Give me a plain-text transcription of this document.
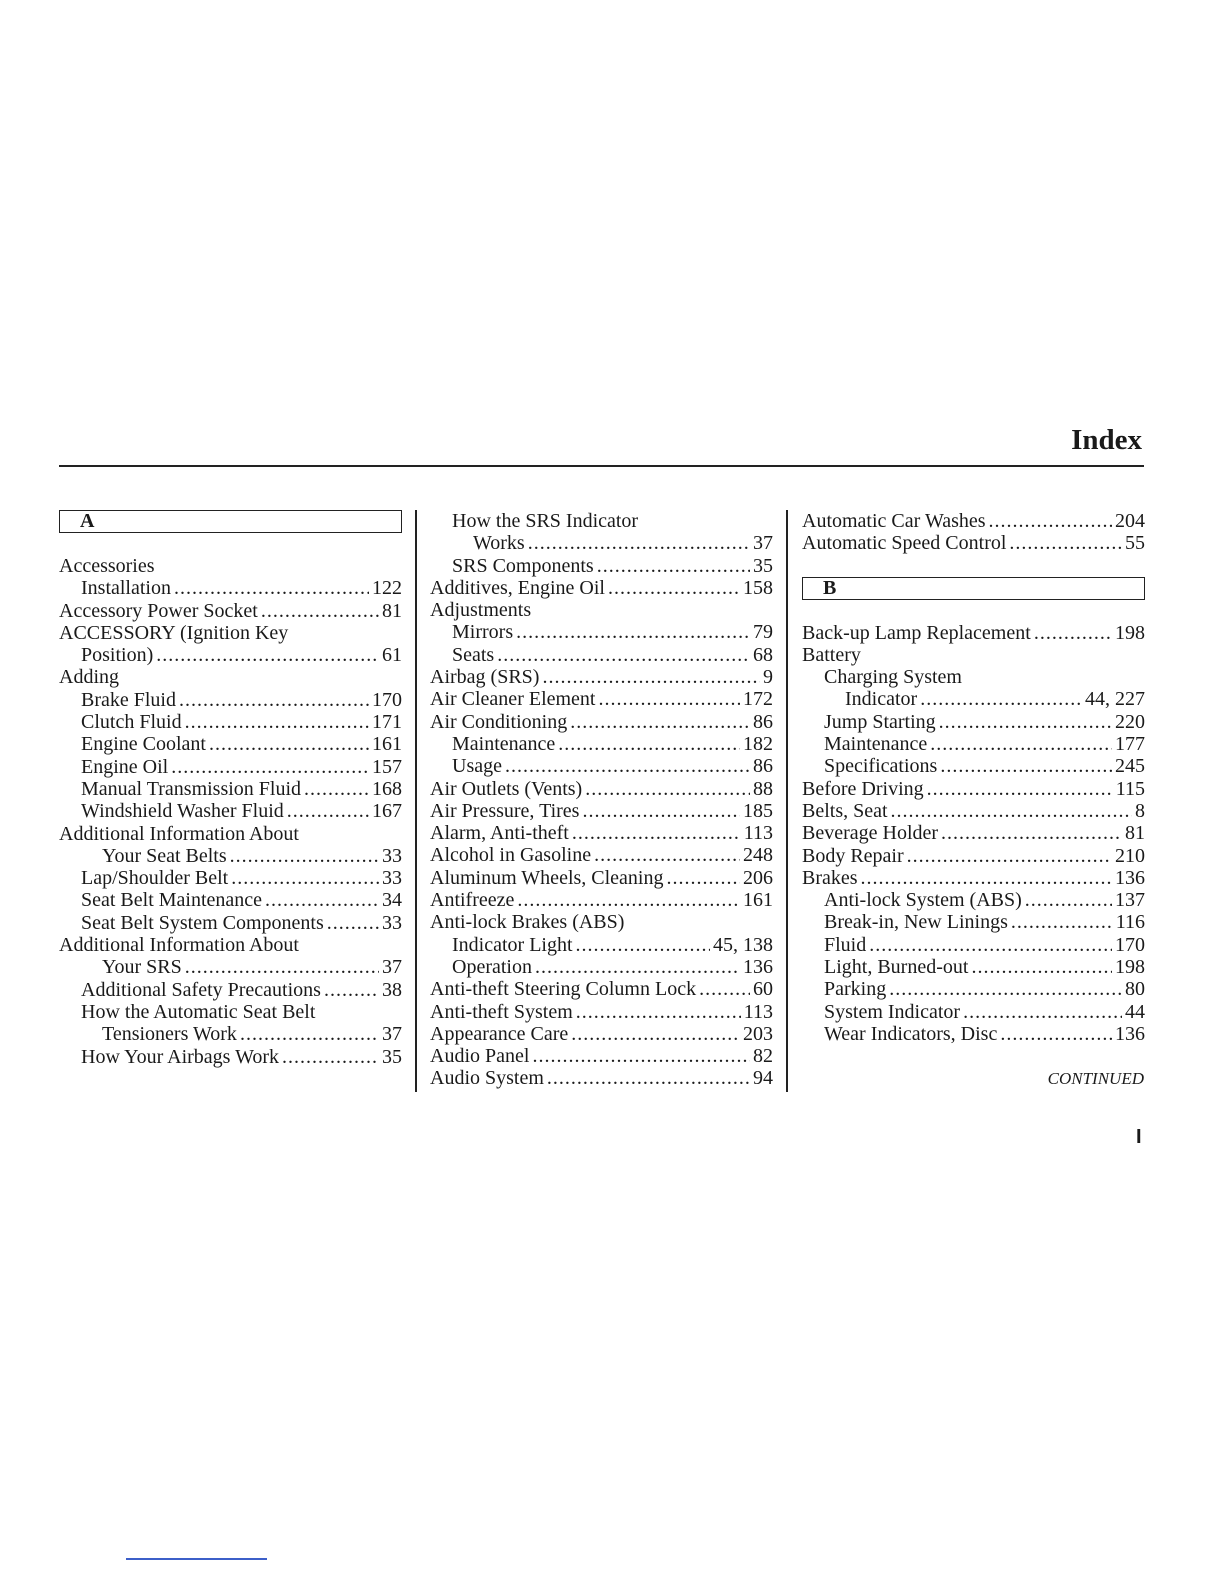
Index
A
Accessories
Installation .....	122
Accessory Power Socket .....	81
ACCESSORY (Ignition Key
Position) .....	61
Adding
Brake Fluid .....	170
Clutch Fluid .....	171
Engine Coolant .....	161
Engine Oil .....	157
Manual Transmission Fluid .....	168
Windshield Washer Fluid .....	167
Additional Information About
Your Seat Belts .....	33
Lap/Shoulder Belt .....	33
Seat Belt Maintenance .....	34
Seat Belt System Components .....	33
Additional Information About
Your SRS .....	37
Additional Safety Precautions .....	38
How the Automatic Seat Belt
Tensioners Work .....	37
How Your Airbags Work .....	35
How the SRS Indicator
Works .....	37
SRS Components .....	35
Additives, Engine Oil .....	158
Adjustments
Mirrors .....	79
Seats .....	68
Airbag (SRS) .....	9
Air Cleaner Element .....	172
Air Conditioning .....	86
Maintenance .....	182
Usage .....	86
Air Outlets (Vents) .....	88
Air Pressure, Tires .....	185
Alarm, Anti-theft .....	113
Alcohol in Gasoline .....	248
Aluminum Wheels, Cleaning .....	206
Antifreeze .....	161
Anti-lock Brakes (ABS)
Indicator Light .....	45, 138
Operation .....	136
Anti-theft Steering Column Lock .....	60
Anti-theft System .....	113
Appearance Care .....	203
Audio Panel .....	82
Audio System .....	94
Automatic Car Washes .....	204
Automatic Speed Control .....	55
B
Back-up Lamp Replacement .....	198
Battery
Charging System
Indicator .....	44, 227
Jump Starting .....	220
Maintenance .....	177
Specifications .....	245
Before Driving .....	115
Belts, Seat .....	8
Beverage Holder .....	81
Body Repair .....	210
Brakes .....	136
Anti-lock System (ABS) .....	137
Break-in, New Linings .....	116
Fluid .....	170
Light, Burned-out .....	198
Parking .....	80
System Indicator .....	44
Wear Indicators, Disc .....	136
CONTINUED
I
